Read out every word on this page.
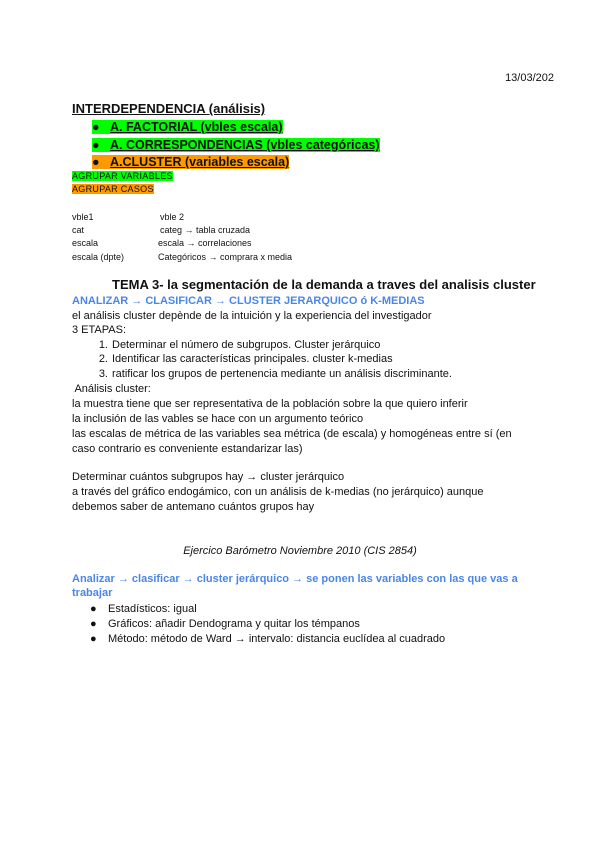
13/03/202
INTERDEPENDENCIA (análisis)
● A. FACTORIAL (vbles escala)
● A. CORRESPONDENCIAS (vbles categóricas)
● A.CLUSTER (variables escala)
AGRUPAR VARIABLES
AGRUPAR CASOS
vble1	vble 2
cat	categ → tabla cruzada
escala	escala → correlaciones
escala (dpte)	Categóricos → comprara x media
TEMA 3- la segmentación de la demanda a traves del analisis cluster
ANALIZAR → CLASIFICAR → CLUSTER JERARQUICO ó K-MEDIAS
el análisis cluster depènde de la intuición y la experiencia del investigador
3 ETAPAS:
1. Determinar el número de subgrupos. Cluster jerárquico
2. Identificar las características principales. cluster k-medias
3. ratificar los grupos de pertenencia mediante un análisis discriminante.
Análisis cluster:
la muestra tiene que ser representativa de la población sobre la que quiero inferir
la inclusión de las vables se hace con un argumento teórico
las escalas de métrica de las variables sea métrica (de escala) y homogéneas entre sí (en
caso contrario es conveniente estandarizar las)
Determinar cuántos subgrupos hay → cluster jerárquico
a través del gráfico endogámico, con un análisis de k-medias (no jerárquico) aunque
debemos saber de antemano cuántos grupos hay
Ejercico Barómetro Noviembre 2010 (CIS 2854)
Analizar → clasificar → cluster jerárquico → se ponen las variables con las que vas a trabajar
● Estadísticos: igual
● Gráficos: añadir Dendograma y quitar los témpanos
● Método: método de Ward → intervalo: distancia euclídea al cuadrado
